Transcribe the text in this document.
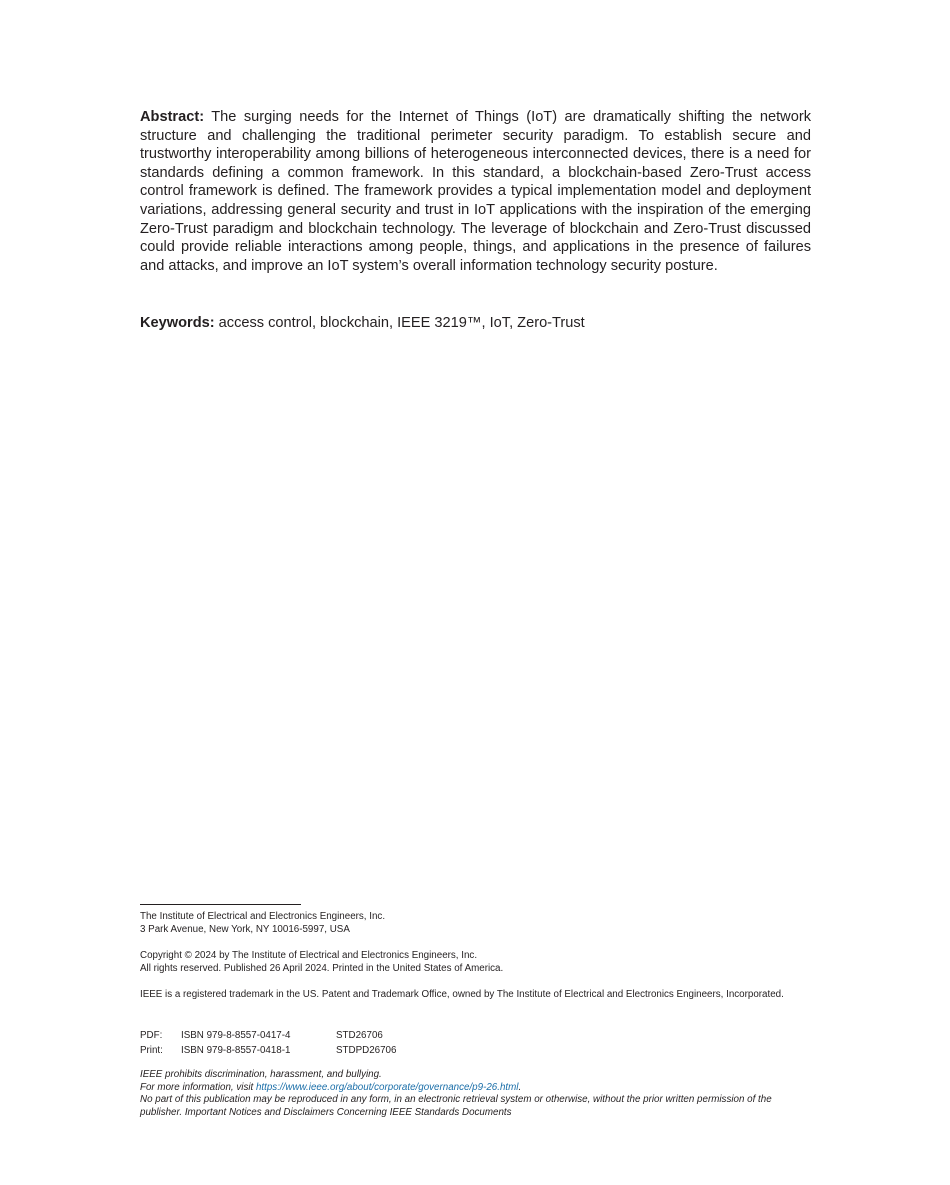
Abstract: The surging needs for the Internet of Things (IoT) are dramatically shifting the network structure and challenging the traditional perimeter security paradigm. To establish secure and trustworthy interoperability among billions of heterogeneous interconnected devices, there is a need for standards defining a common framework. In this standard, a blockchain-based Zero-Trust access control framework is defined. The framework provides a typical implementation model and deployment variations, addressing general security and trust in IoT applications with the inspiration of the emerging Zero-Trust paradigm and blockchain technology. The leverage of blockchain and Zero-Trust discussed could provide reliable interactions among people, things, and applications in the presence of failures and attacks, and improve an IoT system’s overall information technology security posture.

Keywords: access control, blockchain, IEEE 3219™, IoT, Zero-Trust

The Institute of Electrical and Electronics Engineers, Inc.

3 Park Avenue, New York, NY 10016-5997, USA

Copyright © 2024 by The Institute of Electrical and Electronics Engineers, Inc.

All rights reserved. Published 26 April 2024. Printed in the United States of America.

IEEE is a registered trademark in the US. Patent and Trademark Office, owned by The Institute of Electrical and Electronics Engineers, Incorporated.

PDF:	ISBN 979-8-8557-0417-4	STD26706
Print:	ISBN 979-8-8557-0418-1	STDPD26706

IEEE prohibits discrimination, harassment, and bullying.

For more information, visit https://www.ieee.org/about/corporate/governance/p9-26.html.

No part of this publication may be reproduced in any form, in an electronic retrieval system or otherwise, without the prior written permission of the publisher. Important Notices and Disclaimers Concerning IEEE Standards Documents
